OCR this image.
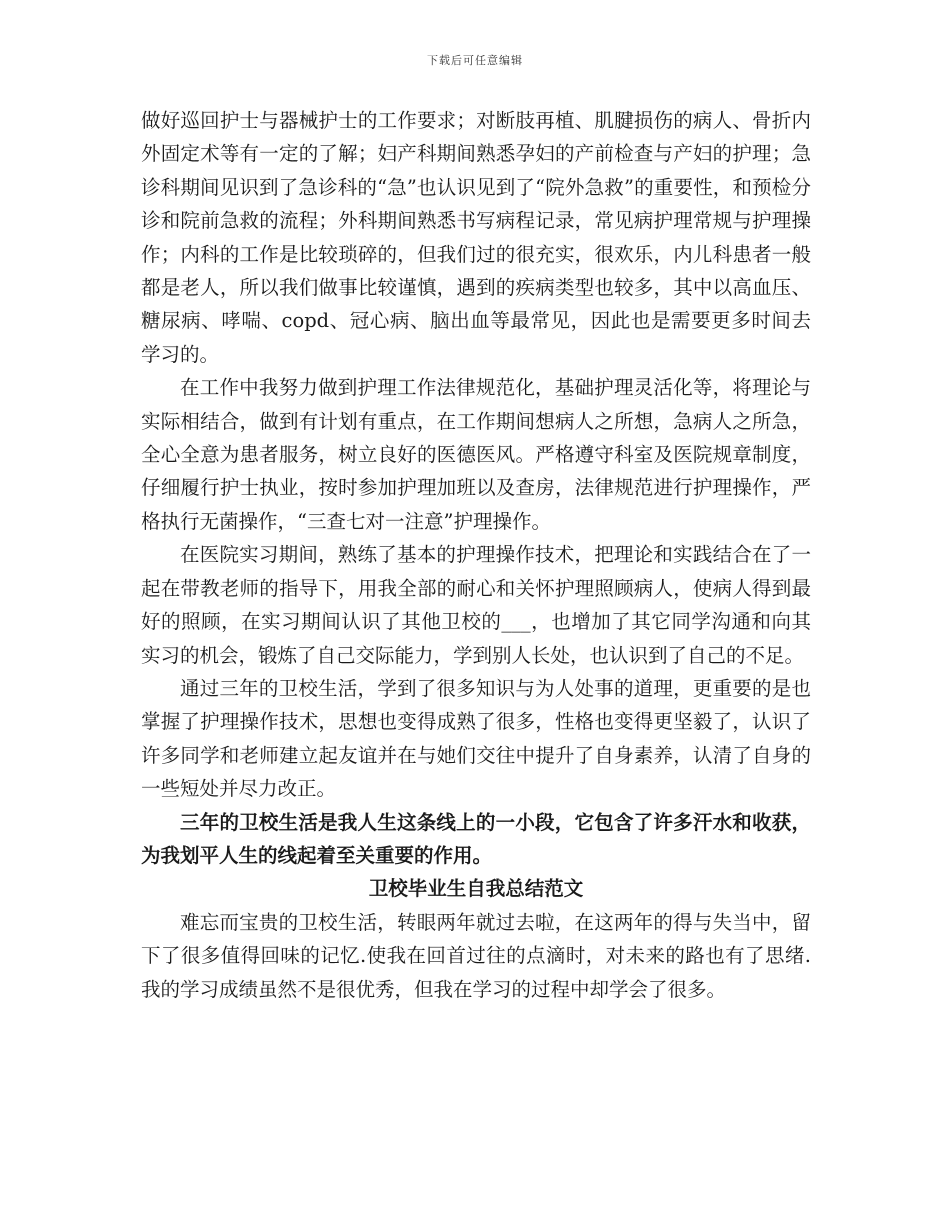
下载后可任意编辑

做好巡回护士与器械护士的工作要求；对断肢再植、肌腱损伤的病人、骨折内外固定术等有一定的了解；妇产科期间熟悉孕妇的产前检查与产妇的护理；急诊科期间见识到了急诊科的“急”也认识见到了“院外急救”的重要性，和预检分诊和院前急救的流程；外科期间熟悉书写病程记录，常见病护理常规与护理操作；内科的工作是比较琐碎的，但我们过的很充实，很欢乐，内儿科患者一般都是老人，所以我们做事比较谨慎，遇到的疾病类型也较多，其中以高血压、糖尿病、哮喘、copd、冠心病、脑出血等最常见，因此也是需要更多时间去学习的。

在工作中我努力做到护理工作法律规范化，基础护理灵活化等，将理论与实际相结合，做到有计划有重点，在工作期间想病人之所想，急病人之所急，全心全意为患者服务，树立良好的医德医风。严格遵守科室及医院规章制度，仔细履行护士执业，按时参加护理加班以及查房，法律规范进行护理操作，严格执行无菌操作，“三查七对一注意”护理操作。

在医院实习期间，熟练了基本的护理操作技术，把理论和实践结合在了一起在带教老师的指导下，用我全部的耐心和关怀护理照顾病人，使病人得到最好的照顾，在实习期间认识了其他卫校的___，也增加了其它同学沟通和向其实习的机会，锻炼了自己交际能力，学到别人长处，也认识到了自己的不足。

通过三年的卫校生活，学到了很多知识与为人处事的道理，更重要的是也掌握了护理操作技术，思想也变得成熟了很多，性格也变得更坚毅了，认识了许多同学和老师建立起友谊并在与她们交往中提升了自身素养，认清了自身的一些短处并尽力改正。

三年的卫校生活是我人生这条线上的一小段，它包含了许多汗水和收获，为我划平人生的线起着至关重要的作用。

卫校毕业生自我总结范文

难忘而宝贵的卫校生活，转眼两年就过去啦，在这两年的得与失当中，留下了很多值得回味的记忆.使我在回首过往的点滴时，对未来的路也有了思绪.我的学习成绩虽然不是很优秀，但我在学习的过程中却学会了很多。
